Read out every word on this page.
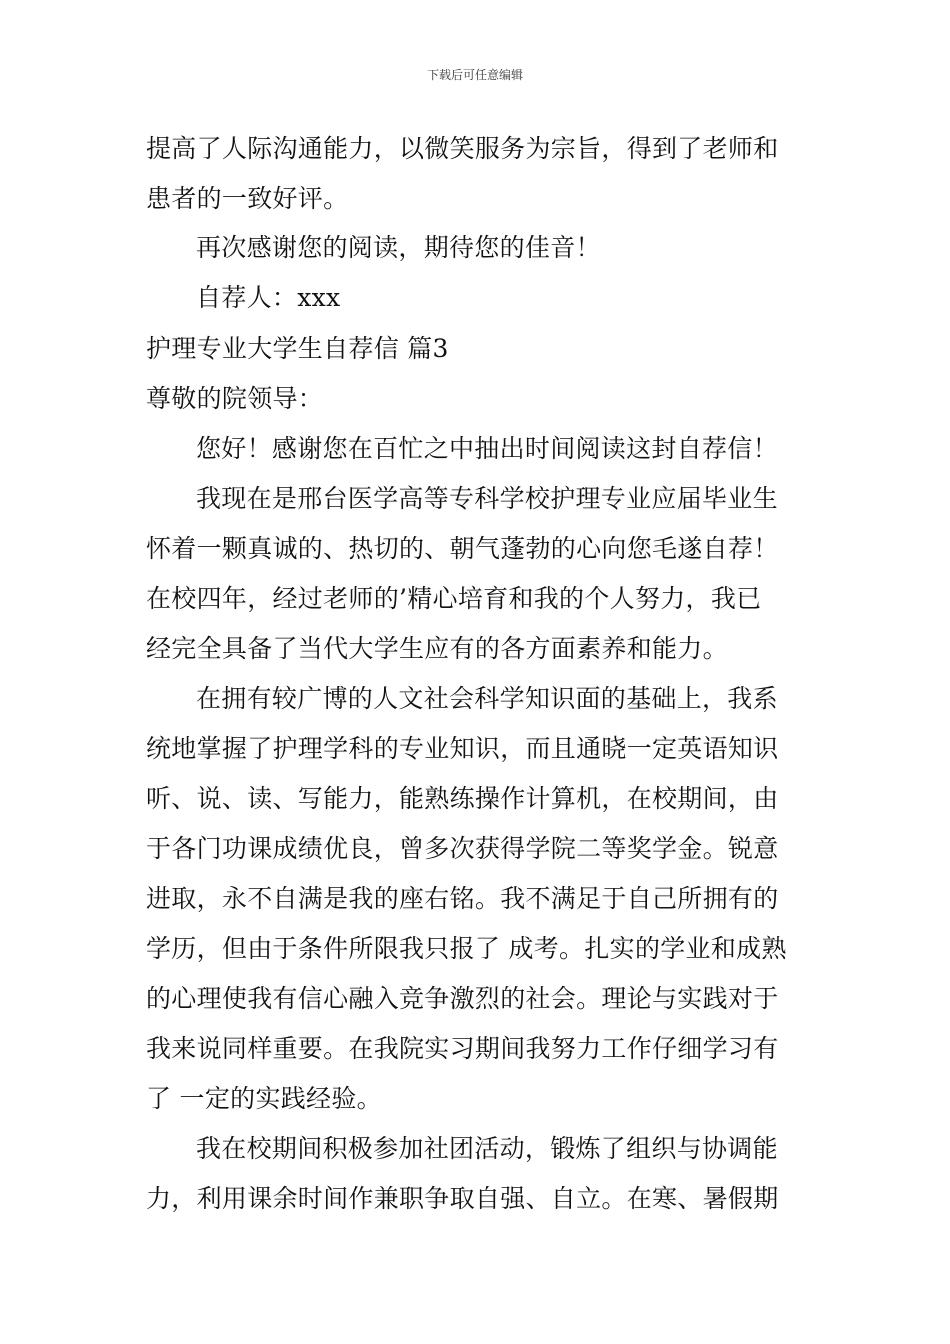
下载后可任意编辑
提高了人际沟通能力，以微笑服务为宗旨，得到了老师和
患者的一致好评。
再次感谢您的阅读，期待您的佳音！
自荐人：xxx
护理专业大学生自荐信 篇3
尊敬的院领导：
您好！感谢您在百忙之中抽出时间阅读这封自荐信！
我现在是邢台医学高等专科学校护理专业应届毕业生
怀着一颗真诚的、热切的、朝气蓬勃的心向您毛遂自荐！
在校四年，经过老师的’精心培育和我的个人努力，我已
经完全具备了当代大学生应有的各方面素养和能力。
在拥有较广博的人文社会科学知识面的基础上，我系
统地掌握了护理学科的专业知识，而且通晓一定英语知识
听、说、读、写能力，能熟练操作计算机，在校期间，由
于各门功课成绩优良，曾多次获得学院二等奖学金。锐意
进取，永不自满是我的座右铭。我不满足于自己所拥有的
学历，但由于条件所限我只报了 成考。扎实的学业和成熟
的心理使我有信心融入竞争激烈的社会。理论与实践对于
我来说同样重要。在我院实习期间我努力工作仔细学习有
了 一定的实践经验。
我在校期间积极参加社团活动，锻炼了组织与协调能
力，利用课余时间作兼职争取自强、自立。在寒、暑假期
